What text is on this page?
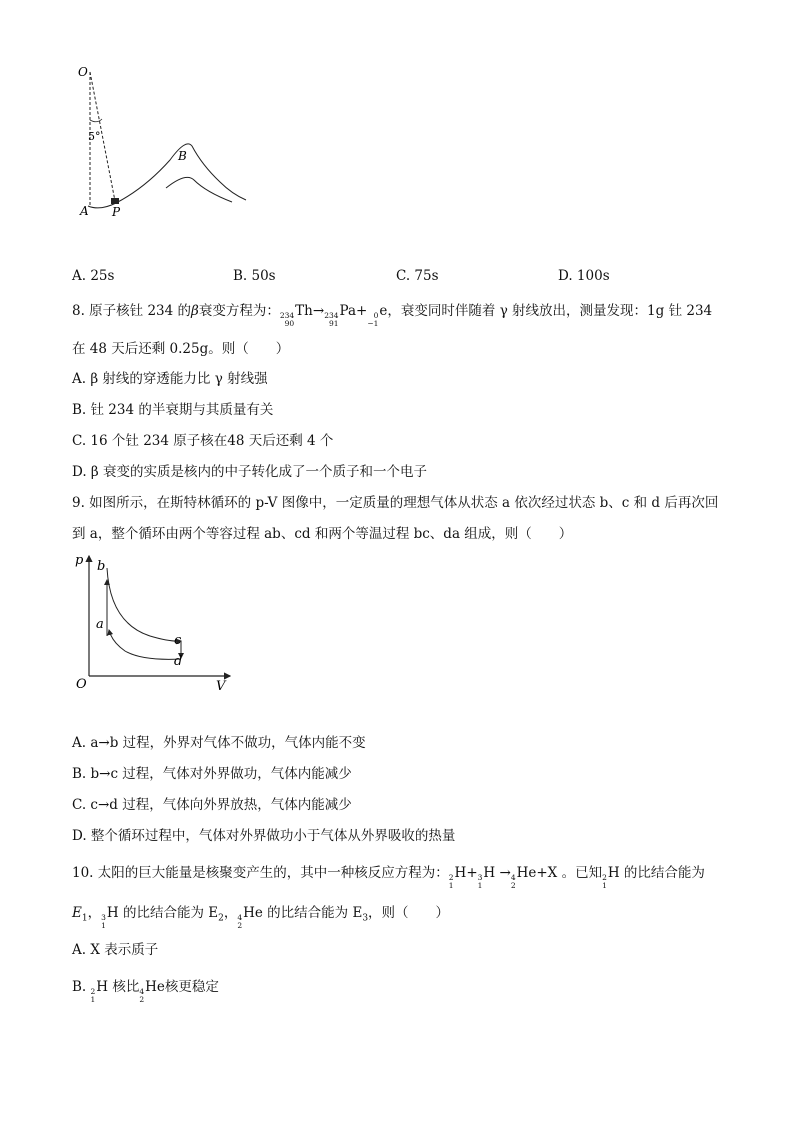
O
5°
B
A P
A. 25s	B. 50s	C. 75s	D. 100s
8. 原子核钍 234 的β衰变方程为： 234
90
Th→ 234
91
Pa+ 0
−1
e，衰变同时伴随着 γ 射线放出，测量发现：1g 钍 234
在 48 天后还剩 0.25g。则（　　）
A. β 射线的穿透能力比 γ 射线强
B. 钍 234 的半衰期与其质量有关
C. 16 个钍 234 原子核在48 天后还剩 4 个
D. β 衰变的实质是核内的中子转化成了一个质子和一个电子
9. 如图所示，在斯特林循环的 p-V 图像中，一定质量的理想气体从状态 a 依次经过状态 b、c 和 d 后再次回
到 a，整个循环由两个等容过程 ab、cd 和两个等温过程 bc、da 组成，则（　　）
p
V
O
b
a
c
d
A. a→b 过程，外界对气体不做功，气体内能不变
B. b→c 过程，气体对外界做功，气体内能减少
C. c→d 过程，气体向外界放热，气体内能减少
D. 整个循环过程中，气体对外界做功小于气体从外界吸收的热量
10. 太阳的巨大能量是核聚变产生的，其中一种核反应方程为： 2
1
H+ 3
1
H → 4
2
He+X 。已知 2
1
H 的比结合能为
$E_1$， 3
1
H 的比结合能为 $E_2$， 4
2
He 的比结合能为 $E_3$，则（　　）
A. X 表示质子
B. 2
1
H 核比 4
2
He核更稳定
